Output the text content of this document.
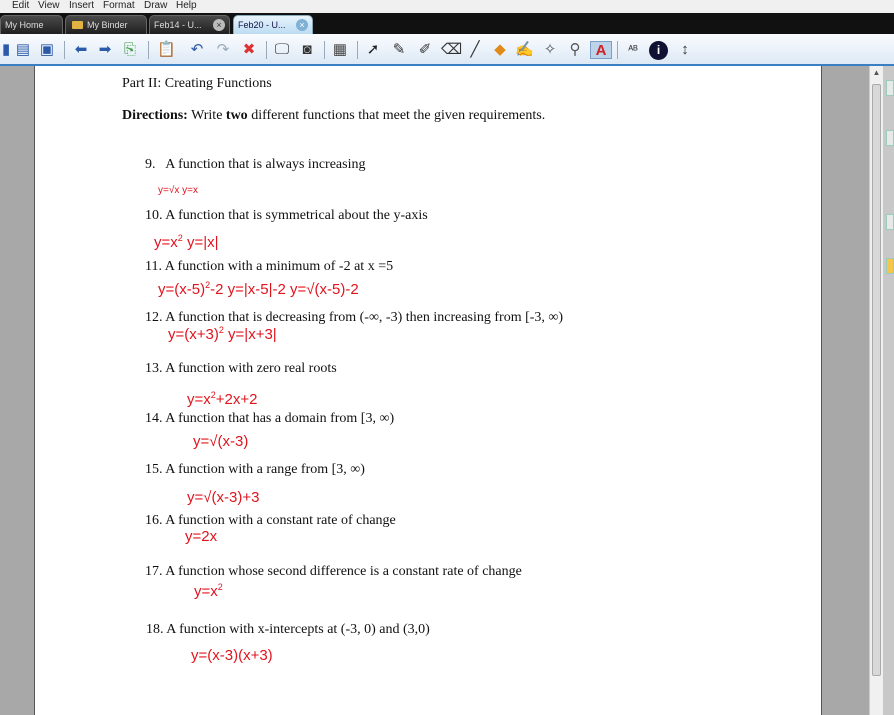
Edit View Insert Format Draw Help
My Home	My Binder	Feb14 - U...	×	Feb20 - U...	×
▮ ▤ ▣ ⬅ ➡ ⎘ 📋 ↶ ↷ ✖ 🖵 ◙ ▦ ➚ ✎ ✐ ⌫ ╱ ◆ ✍ ✧ ⚲	A	ᴬᴮ	i	↕
Part II: Creating Functions
Directions: Write two different functions that meet the given requirements.
9. A function that is always increasing
y=√x y=x
10. A function that is symmetrical about the y-axis
$y=x^2$ y=|x|
11. A function with a minimum of -2 at x =5
$y=(x-5)^2-2$ y=|x-5|-2 y=√(x-5)-2
12. A function that is decreasing from (-∞, -3) then increasing from [-3, ∞)
$y=(x+3)^2$ y=|x+3|
13. A function with zero real roots
$y=x^2+2x+2$
14. A function that has a domain from [3, ∞)
y=√(x-3)
15. A function with a range from [3, ∞)
y=√(x-3)+3
16. A function with a constant rate of change
y=2x
17. A function whose second difference is a constant rate of change
$y=x^2$
18. A function with x-intercepts at (-3, 0) and (3,0)
y=(x-3)(x+3)
▲
